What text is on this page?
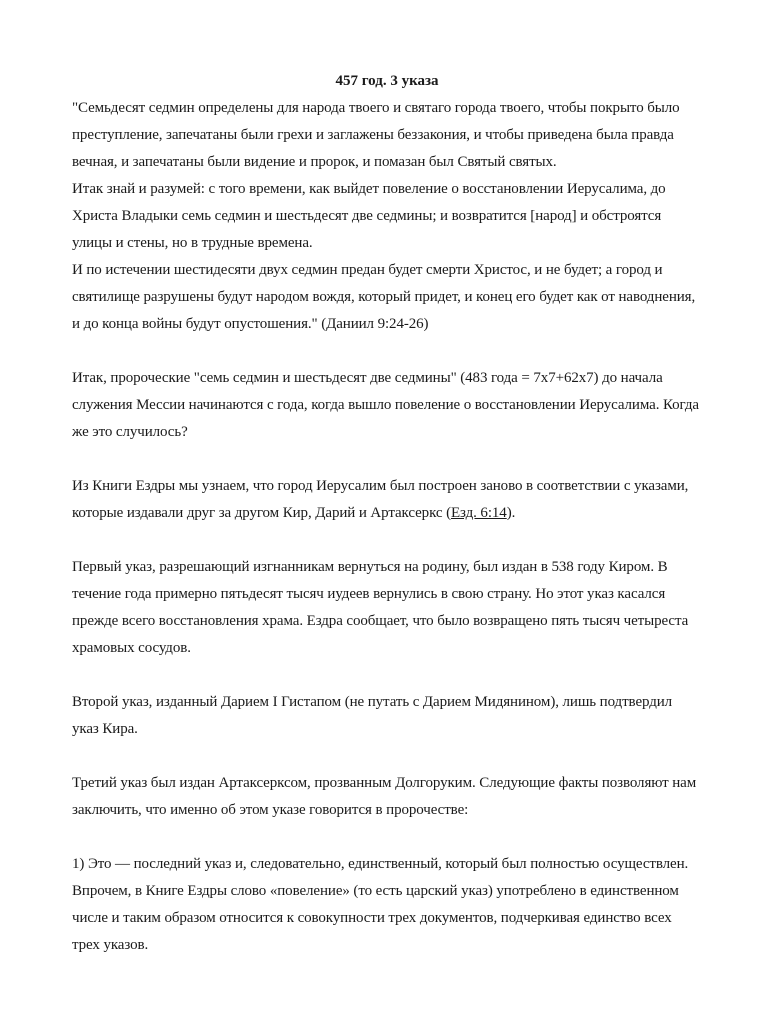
457 год. 3 указа

"Семьдесят седмин определены для народа твоего и святаго города твоего, чтобы покрыто было преступление, запечатаны были грехи и заглажены беззакония, и чтобы приведена была правда вечная, и запечатаны были видение и пророк, и помазан был Святый святых.

Итак знай и разумей: с того времени, как выйдет повеление о восстановлении Иерусалима, до Христа Владыки семь седмин и шестьдесят две седмины; и возвратится [народ] и обстроятся улицы и стены, но в трудные времена.

И по истечении шестидесяти двух седмин предан будет смерти Христос, и не будет; а город и святилище разрушены будут народом вождя, который придет, и конец его будет как от наводнения, и до конца войны будут опустошения." (Даниил 9:24-26)

Итак, пророческие "семь седмин и шестьдесят две седмины" (483 года = 7x7+62x7) до начала служения Мессии начинаются с года, когда вышло повеление о восстановлении Иерусалима. Когда же это случилось?

Из Книги Ездры мы узнаем, что город Иерусалим был построен заново в соответствии с указами, которые издавали друг за другом Кир, Дарий и Артаксеркс (Езд. 6:14).

Первый указ, разрешающий изгнанникам вернуться на родину, был издан в 538 году Киром. В течение года примерно пятьдесят тысяч иудеев вернулись в свою страну. Но этот указ касался прежде всего восстановления храма. Ездра сообщает, что было возвращено пять тысяч четыреста храмовых сосудов.

Второй указ, изданный Дарием I Гистапом (не путать с Дарием Мидянином), лишь подтвердил указ Кира.

Третий указ был издан Артаксерксом, прозванным Долгоруким. Следующие факты позволяют нам заключить, что именно об этом указе говорится в пророчестве:

1) Это — последний указ и, следовательно, единственный, который был полностью осуществлен. Впрочем, в Книге Ездры слово «повеление» (то есть царский указ) употреблено в единственном числе и таким образом относится к совокупности трех документов, подчеркивая единство всех трех указов.
